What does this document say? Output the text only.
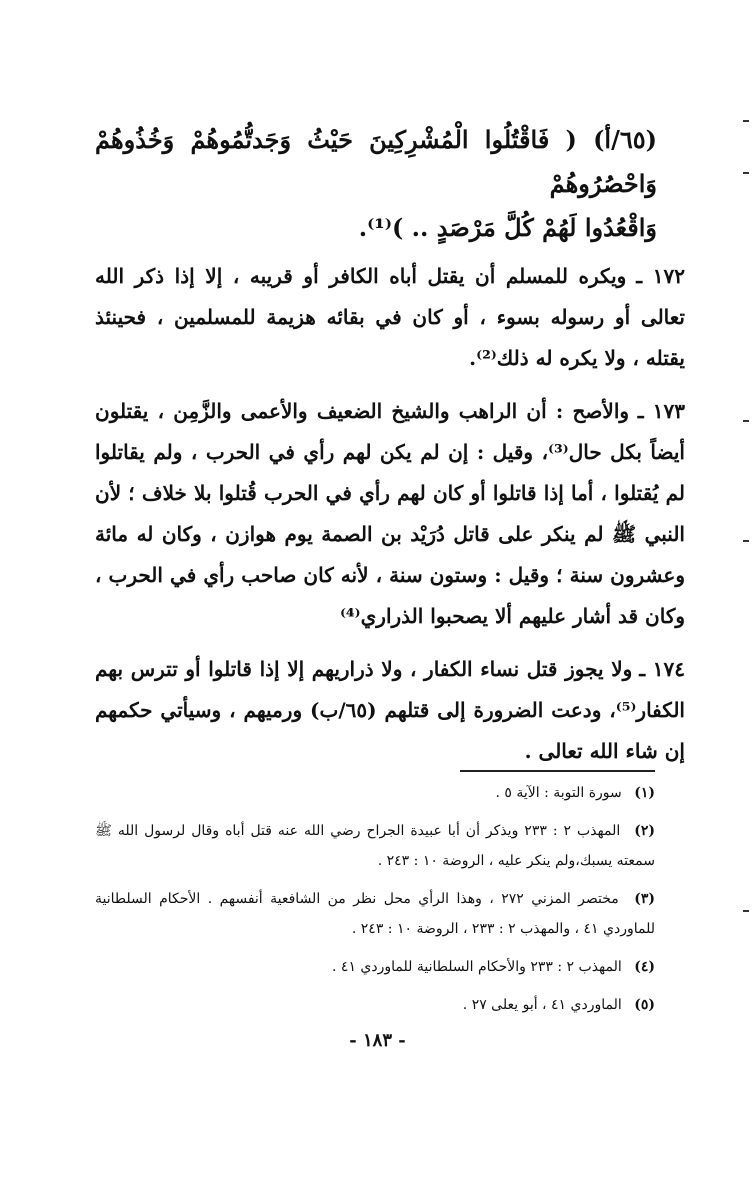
(٦٥/أ) ( فَاقْتُلُوا الْمُشْرِكِينَ حَيْثُ وَجَدتُّمُوهُمْ وَخُذُوهُمْ وَاحْصُرُوهُمْ
وَاقْعُدُوا لَهُمْ كُلَّ مَرْصَدٍ .. )⁽¹⁾.

١٧٢ ـ ويكره للمسلم أن يقتل أباه الكافر أو قريبه ، إلا إذا ذكر الله تعالى أو رسوله بسوء ، أو كان في بقائه هزيمة للمسلمين ، فحينئذ يقتله ، ولا يكره له ذلك⁽²⁾.

١٧٣ ـ والأصح : أن الراهب والشيخ الضعيف والأعمى والزَّمِن ، يقتلون أيضاً بكل حال⁽³⁾، وقيل : إن لم يكن لهم رأي في الحرب ، ولم يقاتلوا لم يُقتلوا ، أما إذا قاتلوا أو كان لهم رأي في الحرب قُتلوا بلا خلاف ؛ لأن النبي ﷺ لم ينكر على قاتل دُرَيْد بن الصمة يوم هوازن ، وكان له مائة وعشرون سنة ؛ وقيل : وستون سنة ، لأنه كان صاحب رأي في الحرب ، وكان قد أشار عليهم ألا يصحبوا الذراري⁽⁴⁾

١٧٤ ـ ولا يجوز قتل نساء الكفار ، ولا ذراريهم إلا إذا قاتلوا أو تترس بهم الكفار⁽⁵⁾، ودعت الضرورة إلى قتلهم (٦٥/ب) ورميهم ، وسيأتي حكمهم إن شاء الله تعالى .

(١) سورة التوبة : الآية ٥ .
(٢) المهذب ٢ : ٢٣٣ ويذكر أن أبا عبيدة الجراح رضي الله عنه قتل أباه وقال لرسول الله ﷺ سمعته يسبك،ولم ينكر عليه ، الروضة ١٠ : ٢٤٣ .
(٣) مختصر المزني ٢٧٢ ، وهذا الرأي محل نظر من الشافعية أنفسهم . الأحكام السلطانية للماوردي ٤١ ، والمهذب ٢ : ٢٣٣ ، الروضة ١٠ : ٢٤٣ .
(٤) المهذب ٢ : ٢٣٣ والأحكام السلطانية للماوردي ٤١ .
(٥) الماوردي ٤١ ، أبو يعلى ٢٧ .
- ١٨٣ -
